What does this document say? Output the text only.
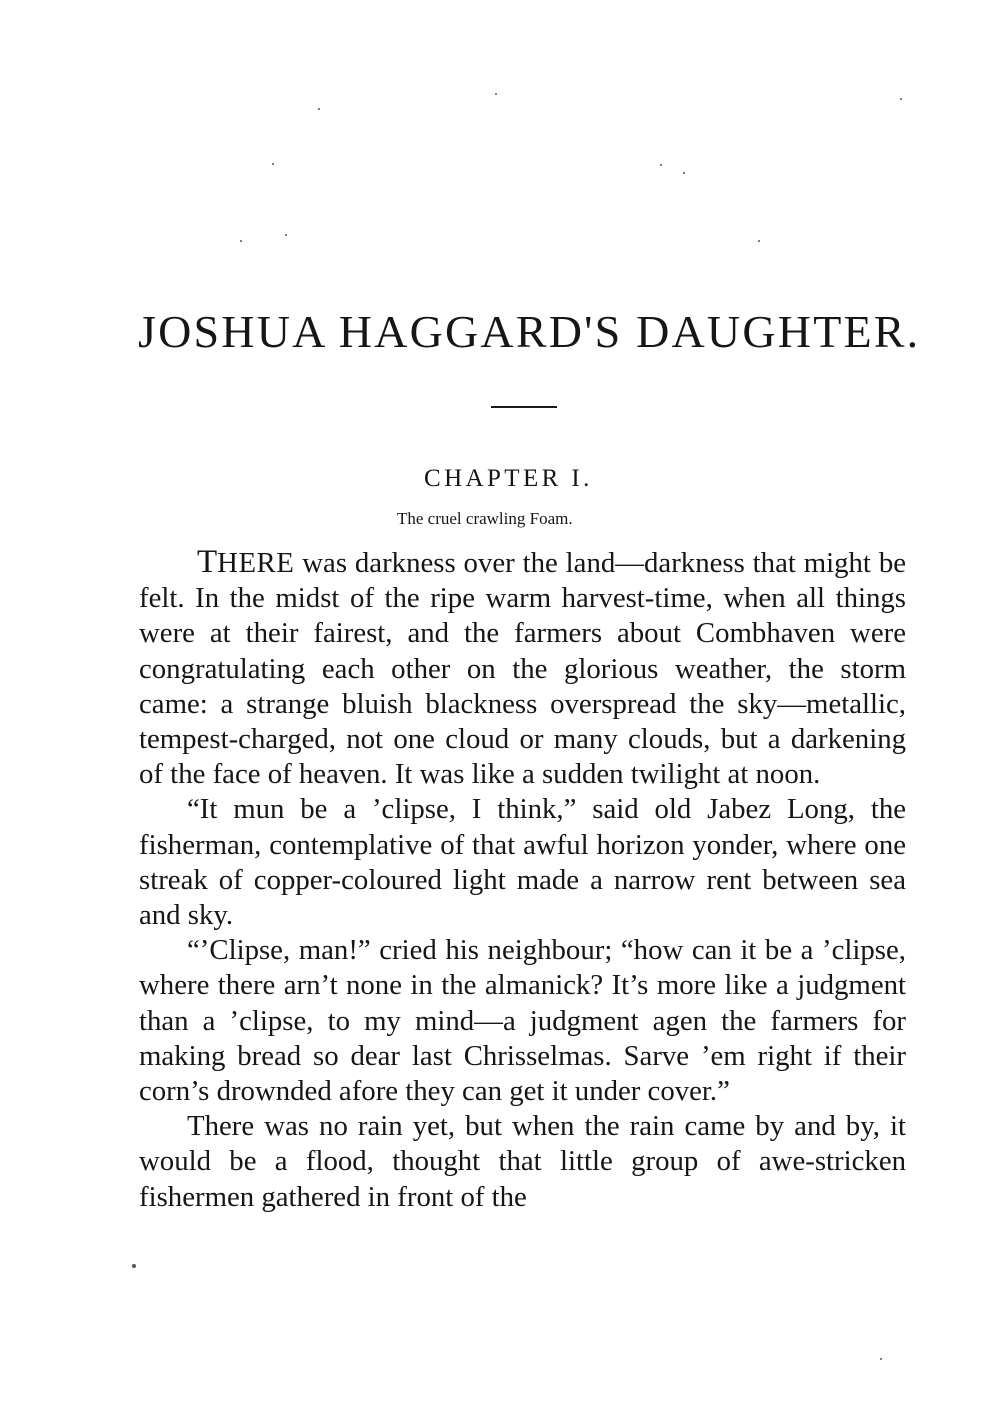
JOSHUA HAGGARD'S DAUGHTER.
CHAPTER I.

The cruel crawling Foam.

THERE was darkness over the land—darkness that might be felt. In the midst of the ripe warm harvest-time, when all things were at their fairest, and the farmers about Combhaven were congratulating each other on the glorious weather, the storm came: a strange bluish blackness overspread the sky—metallic, tempest-charged, not one cloud or many clouds, but a darkening of the face of heaven. It was like a sudden twilight at noon.

“It mun be a ’clipse, I think,” said old Jabez Long, the fisherman, contemplative of that awful horizon yonder, where one streak of copper-coloured light made a narrow rent between sea and sky.

“’Clipse, man!” cried his neighbour; “how can it be a ’clipse, where there arn’t none in the almanick? It’s more like a judgment than a ’clipse, to my mind—a judgment agen the farmers for making bread so dear last Chrisselmas. Sarve ’em right if their corn’s drownded afore they can get it under cover.”

There was no rain yet, but when the rain came by and by, it would be a flood, thought that little group of awe-stricken fishermen gathered in front of the
